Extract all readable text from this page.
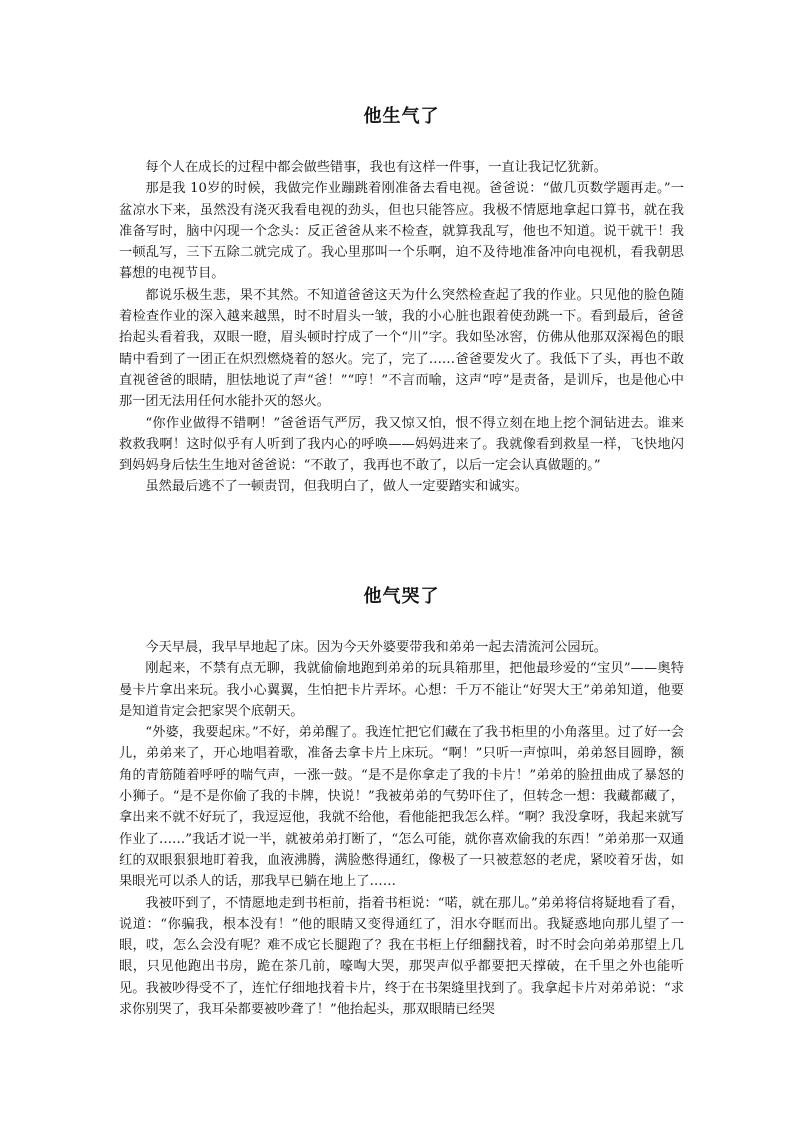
他生气了

每个人在成长的过程中都会做些错事，我也有这样一件事，一直让我记忆犹新。

那是我 10岁的时候，我做完作业蹦跳着刚准备去看电视。爸爸说：“做几页数学题再走。”一盆凉水下来，虽然没有浇灭我看电视的劲头，但也只能答应。我极不情愿地拿起口算书，就在我准备写时，脑中闪现一个念头：反正爸爸从来不检查，就算我乱写，他也不知道。说干就干！我一顿乱写，三下五除二就完成了。我心里那叫一个乐啊，迫不及待地准备冲向电视机，看我朝思暮想的电视节目。

都说乐极生悲，果不其然。不知道爸爸这天为什么突然检查起了我的作业。只见他的脸色随着检查作业的深入越来越黑，时不时眉头一皱，我的小心脏也跟着使劲跳一下。看到最后，爸爸抬起头看着我，双眼一瞪，眉头顿时拧成了一个“川”字。我如坠冰窖，仿佛从他那双深褐色的眼睛中看到了一团正在炽烈燃烧着的怒火。完了，完了……爸爸要发火了。我低下了头，再也不敢直视爸爸的眼睛，胆怯地说了声“爸！”“哼！”不言而喻，这声“哼”是责备，是训斥，也是他心中那一团无法用任何水能扑灭的怒火。

“你作业做得不错啊！”爸爸语气严厉，我又惊又怕，恨不得立刻在地上挖个洞钻进去。谁来救救我啊！这时似乎有人听到了我内心的呼唤——妈妈进来了。我就像看到救星一样，飞快地闪到妈妈身后怯生生地对爸爸说：“不敢了，我再也不敢了，以后一定会认真做题的。”

虽然最后逃不了一顿责罚，但我明白了，做人一定要踏实和诚实。

他气哭了

今天早晨，我早早地起了床。因为今天外婆要带我和弟弟一起去清流河公园玩。

刚起来，不禁有点无聊，我就偷偷地跑到弟弟的玩具箱那里，把他最珍爱的“宝贝”——奥特曼卡片拿出来玩。我小心翼翼，生怕把卡片弄坏。心想：千万不能让“好哭大王”弟弟知道，他要是知道肯定会把家哭个底朝天。

“外婆，我要起床。”不好，弟弟醒了。我连忙把它们藏在了我书柜里的小角落里。过了好一会儿，弟弟来了，开心地唱着歌，准备去拿卡片上床玩。“啊！”只听一声惊叫，弟弟怒目圆睁，额角的青筋随着呼呼的喘气声，一涨一鼓。“是不是你拿走了我的卡片！”弟弟的脸扭曲成了暴怒的小狮子。“是不是你偷了我的卡牌，快说！”我被弟弟的气势吓住了，但转念一想：我藏都藏了，拿出来不就不好玩了，我逗逗他，我就不给他，看他能把我怎么样。“啊？我没拿呀，我起来就写作业了……”我话才说一半，就被弟弟打断了，“怎么可能，就你喜欢偷我的东西！”弟弟那一双通红的双眼狠狠地盯着我，血液沸腾，满脸憋得通红，像极了一只被惹怒的老虎，紧咬着牙齿，如果眼光可以杀人的话，那我早已躺在地上了……

我被吓到了，不情愿地走到书柜前，指着书柜说：“喏，就在那儿。”弟弟将信将疑地看了看，说道：“你骗我，根本没有！”他的眼睛又变得通红了，泪水夺眶而出。我疑惑地向那儿望了一眼，哎，怎么会没有呢？难不成它长腿跑了？我在书柜上仔细翻找着，时不时会向弟弟那望上几眼，只见他跑出书房，跪在茶几前，嚎啕大哭，那哭声似乎都要把天撑破，在千里之外也能听见。我被吵得受不了，连忙仔细地找着卡片，终于在书架缝里找到了。我拿起卡片对弟弟说：“求求你别哭了，我耳朵都要被吵聋了！”他抬起头，那双眼睛已经哭
